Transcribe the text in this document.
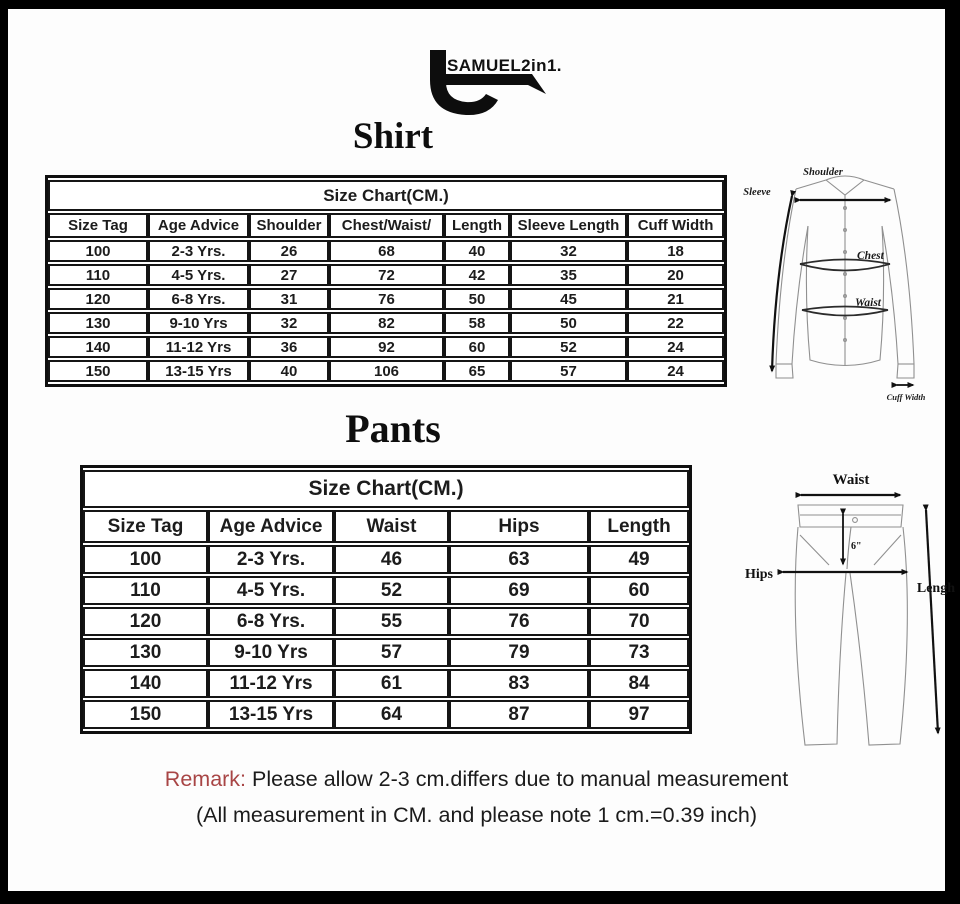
SAMUEL2in1.
Shirt
Size Chart(CM.)						
Size Tag	Age Advice	Shoulder	Chest/Waist/	Length	Sleeve Length	Cuff Width
100	2-3 Yrs.	26	68	40	32	18
110	4-5 Yrs.	27	72	42	35	20
120	6-8 Yrs.	31	76	50	45	21
130	9-10 Yrs	32	82	58	50	22
140	11-12 Yrs	36	92	60	52	24
150	13-15 Yrs	40	106	65	57	24
Shoulder
Sleeve
Chest
Waist
Cuff Width
Pants
Size Chart(CM.)				
Size Tag	Age Advice	Waist	Hips	Length
100	2-3 Yrs.	46	63	49
110	4-5 Yrs.	52	69	60
120	6-8 Yrs.	55	76	70
130	9-10 Yrs	57	79	73
140	11-12 Yrs	61	83	84
150	13-15 Yrs	64	87	97
Waist
6"
Hips
Lengh
Remark: Please allow 2-3 cm.differs due to manual measurement
(All measurement in CM. and please note 1 cm.=0.39 inch)
